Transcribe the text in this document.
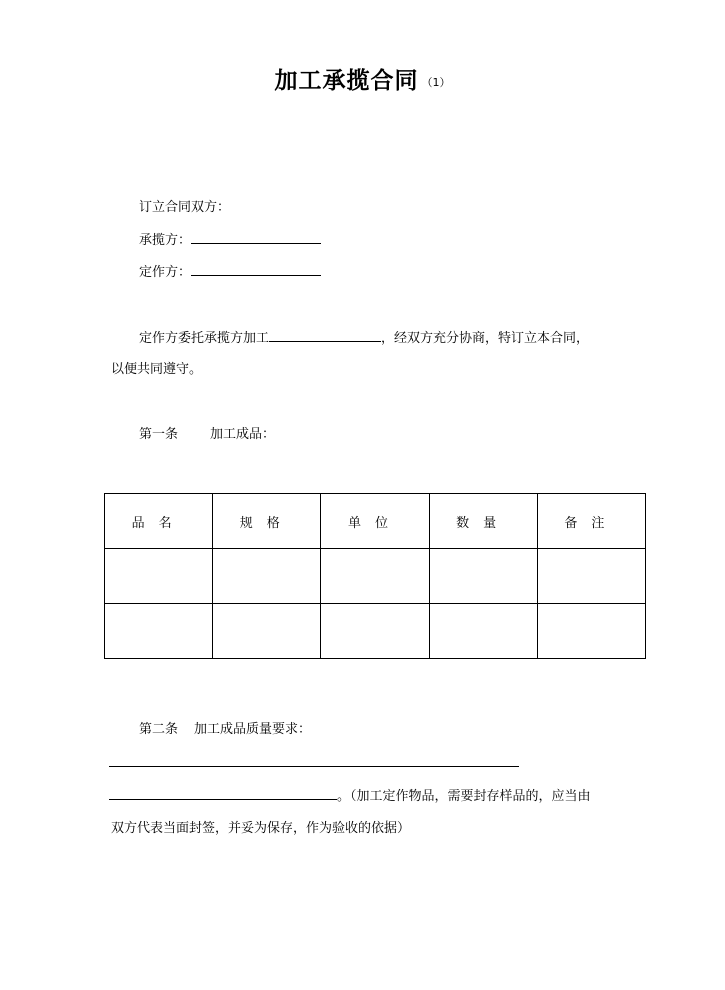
加工承揽合同 （1）
订立合同双方：
承揽方：
定作方：
定作方委托承揽方加工	，经双方充分协商，特订立本合同，
以便共同遵守。
第一条 加工成品：
品名	规格	单位	数量	备注

第二条 加工成品质量要求：
。（加工定作物品，需要封存样品的，应当由
双方代表当面封签，并妥为保存，作为验收的依据）
